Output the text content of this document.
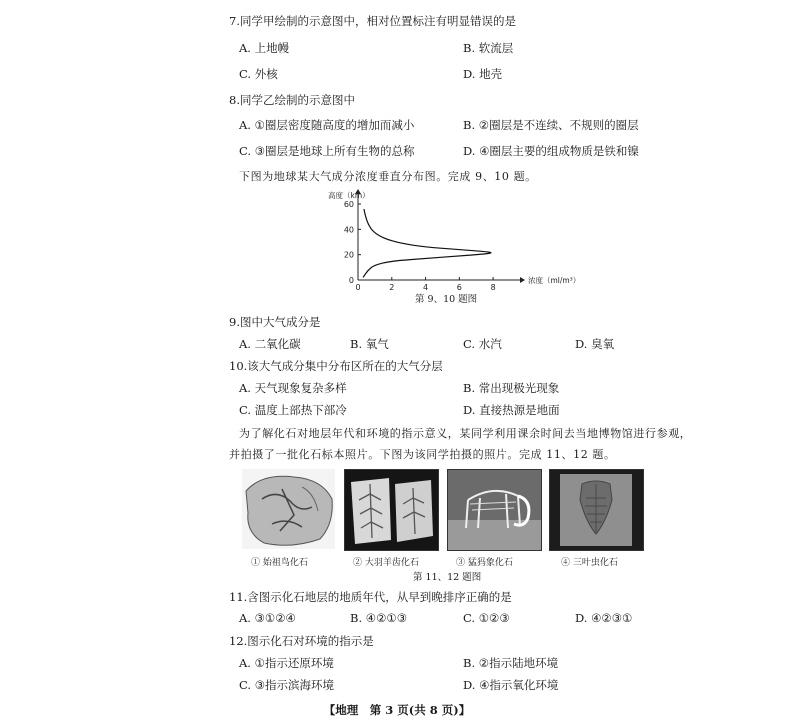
7.同学甲绘制的示意图中，相对位置标注有明显错误的是
A. 上地幔	B. 软流层
C. 外核	D. 地壳
8.同学乙绘制的示意图中
A. ①圈层密度随高度的增加而减小	B. ②圈层是不连续、不规则的圈层
C. ③圈层是地球上所有生物的总称	D. ④圈层主要的组成物质是铁和镍
下图为地球某大气成分浓度垂直分布图。完成 9、10 题。
0	2	4	6	8
0
20
40
60
高度（km）
浓度（ml/m³）
第 9、10 题图
9.图中大气成分是
A. 二氧化碳	B. 氧气	C. 水汽	D. 臭氧
10.该大气成分集中分布区所在的大气分层
A. 天气现象复杂多样	B. 常出现极光现象
C. 温度上部热下部冷	D. 直接热源是地面
为了解化石对地层年代和环境的指示意义，某同学利用课余时间去当地博物馆进行参观，
并拍摄了一批化石标本照片。下图为该同学拍摄的照片。完成 11、12 题。
① 始祖鸟化石	② 大羽羊齿化石	③ 猛犸象化石	④ 三叶虫化石
第 11、12 题图
11.含图示化石地层的地质年代，从早到晚排序正确的是
A. ③①②④	B. ④②①③	C. ①②③	D. ④②③①
12.图示化石对环境的指示是
A. ①指示还原环境	B. ②指示陆地环境
C. ③指示滨海环境	D. ④指示氧化环境
【地理　第 3 页(共 8 页)】
